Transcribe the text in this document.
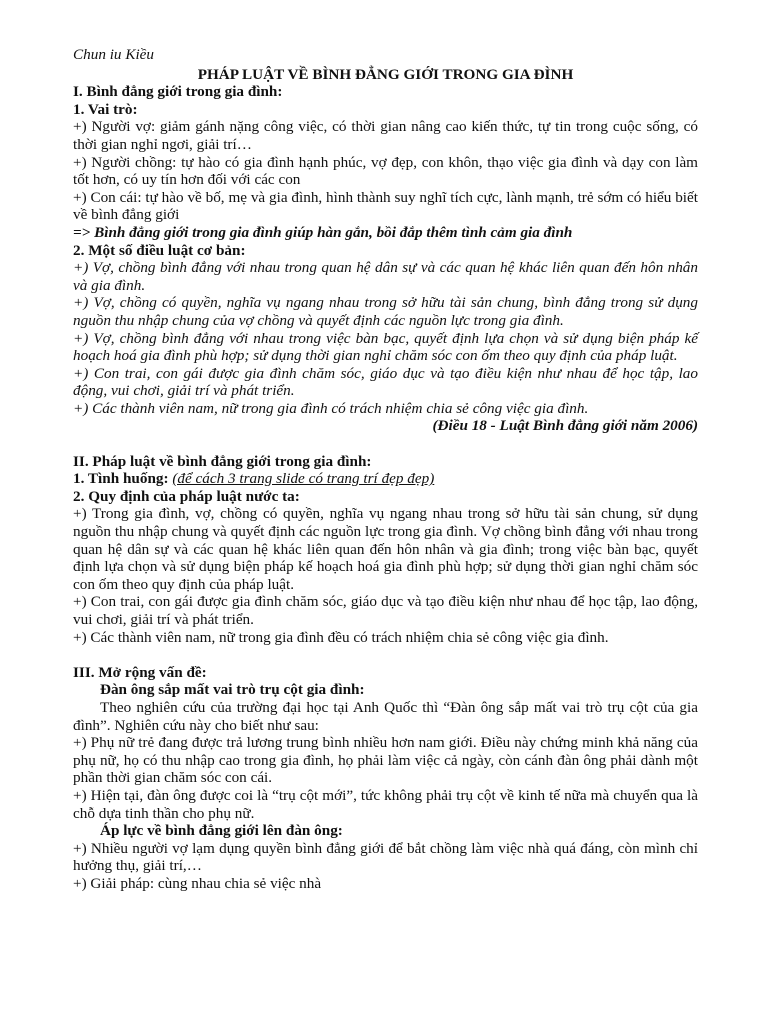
Chun iu Kiều
PHÁP LUẬT VỀ BÌNH ĐẲNG GIỚI TRONG GIA ĐÌNH
I. Bình đẳng giới trong gia đình:
1. Vai trò:
+) Người vợ: giảm gánh nặng công việc, có thời gian nâng cao kiến thức, tự tin trong cuộc sống, có thời gian nghỉ ngơi, giải trí…
+) Người chồng: tự hào có gia đình hạnh phúc, vợ đẹp, con khôn, thạo việc gia đình và dạy con làm tốt hơn, có uy tín hơn đối với các con
+) Con cái: tự hào về bố, mẹ và gia đình, hình thành suy nghĩ tích cực, lành mạnh, trẻ sớm có hiểu biết về bình đẳng giới
=> Bình đẳng giới trong gia đình giúp hàn gắn, bồi đắp thêm tình cảm gia đình
2. Một số điều luật cơ bản:
+) Vợ, chồng bình đẳng với nhau trong quan hệ dân sự và các quan hệ khác liên quan đến hôn nhân và gia đình.
+) Vợ, chồng có quyền, nghĩa vụ ngang nhau trong sở hữu tài sản chung, bình đẳng trong sử dụng nguồn thu nhập chung của vợ chồng và quyết định các nguồn lực trong gia đình.
+) Vợ, chồng bình đẳng với nhau trong việc bàn bạc, quyết định lựa chọn và sử dụng biện pháp kế hoạch hoá gia đình phù hợp; sử dụng thời gian nghỉ chăm sóc con ốm theo quy định của pháp luật.
+) Con trai, con gái được gia đình chăm sóc, giáo dục và tạo điều kiện như nhau để học tập, lao động, vui chơi, giải trí và phát triển.
+) Các thành viên nam, nữ trong gia đình có trách nhiệm chia sẻ công việc gia đình.
(Điều 18 - Luật Bình đẳng giới năm 2006)
II. Pháp luật về bình đẳng giới trong gia đình:
1. Tình huống: (để cách 3 trang slide có trang trí đẹp đẹp)
2. Quy định của pháp luật nước ta:
+) Trong gia đình, vợ, chồng có quyền, nghĩa vụ ngang nhau trong sở hữu tài sản chung, sử dụng nguồn thu nhập chung và quyết định các nguồn lực trong gia đình. Vợ chồng bình đẳng với nhau trong quan hệ dân sự và các quan hệ khác liên quan đến hôn nhân và gia đình; trong việc bàn bạc, quyết định lựa chọn và sử dụng biện pháp kế hoạch hoá gia đình phù hợp; sử dụng thời gian nghỉ chăm sóc con ốm theo quy định của pháp luật.
+) Con trai, con gái được gia đình chăm sóc, giáo dục và tạo điều kiện như nhau để học tập, lao động, vui chơi, giải trí và phát triển.
+) Các thành viên nam, nữ trong gia đình đều có trách nhiệm chia sẻ công việc gia đình.
III. Mở rộng vấn đề:
Đàn ông sắp mất vai trò trụ cột gia đình:
Theo nghiên cứu của trường đại học tại Anh Quốc thì “Đàn ông sắp mất vai trò trụ cột của gia đình”. Nghiên cứu này cho biết như sau:
+) Phụ nữ trẻ đang được trả lương trung bình nhiều hơn nam giới. Điều này chứng minh khả năng của phụ nữ, họ có thu nhập cao trong gia đình, họ phải làm việc cả ngày, còn cánh đàn ông phải dành một phần thời gian chăm sóc con cái.
+) Hiện tại, đàn ông được coi là “trụ cột mới”, tức không phải trụ cột về kinh tế nữa mà chuyển qua là chỗ dựa tinh thần cho phụ nữ.
Áp lực về bình đẳng giới lên đàn ông:
+) Nhiều người vợ lạm dụng quyền bình đẳng giới để bắt chồng làm việc nhà quá đáng, còn mình chỉ hưởng thụ, giải trí,…
+) Giải pháp: cùng nhau chia sẻ việc nhà
